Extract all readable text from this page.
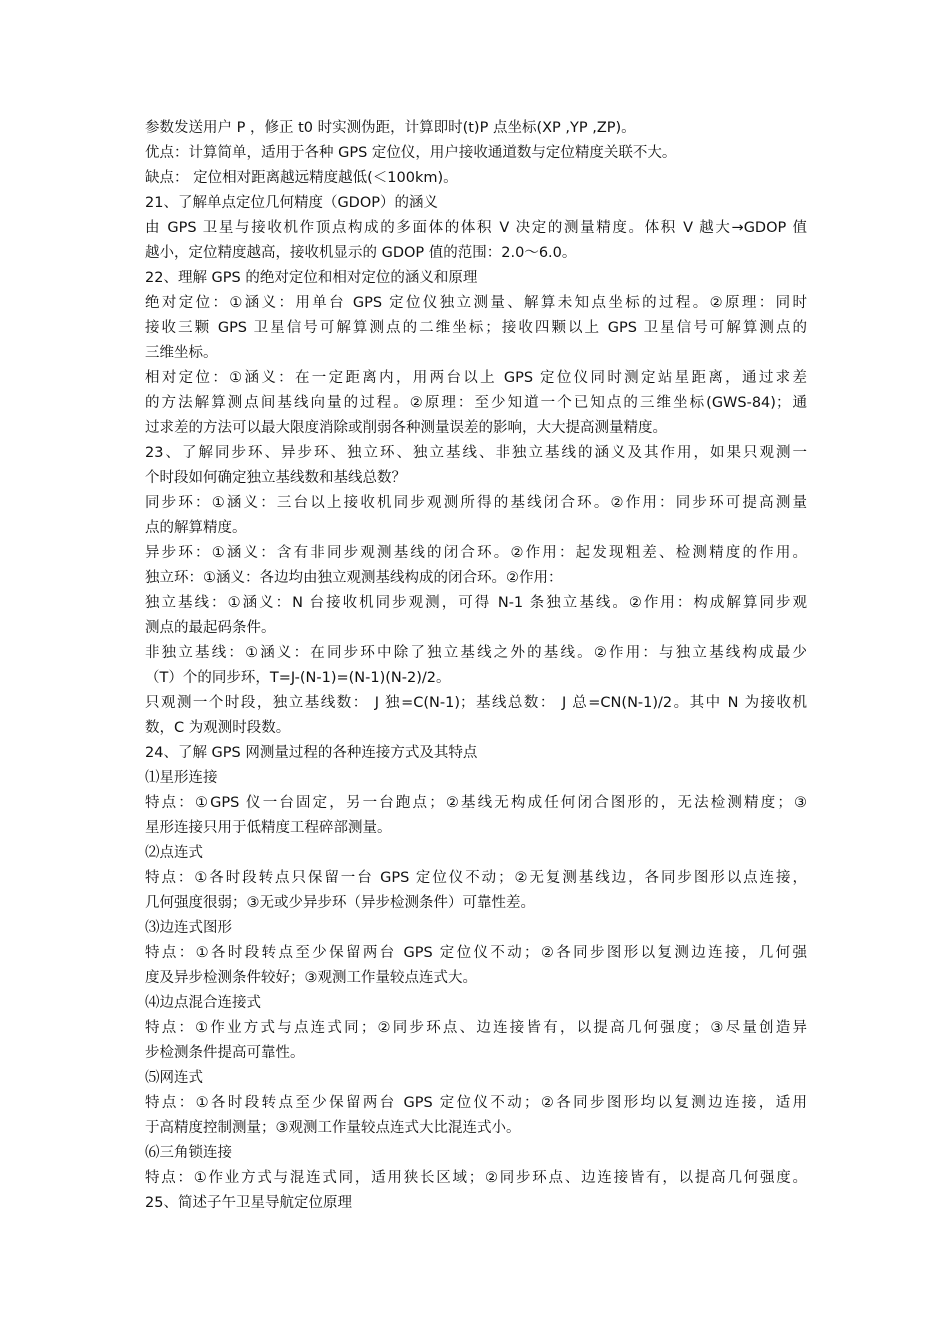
参数发送用户 P ，修正 t0 时实测伪距，计算即时(t)P 点坐标(XP ,YP ,ZP)。
优点：计算简单，适用于各种 GPS 定位仪，用户接收通道数与定位精度关联不大。
缺点： 定位相对距离越远精度越低(＜100km)。
21、了解单点定位几何精度（GDOP）的涵义
由 GPS 卫星与接收机作顶点构成的多面体的体积 V 决定的测量精度。体积 V 越大→GDOP 值
越小，定位精度越高，接收机显示的 GDOP 值的范围：2.0～6.0。
22、理解 GPS 的绝对定位和相对定位的涵义和原理
绝对定位：①涵义：用单台 GPS 定位仪独立测量、解算未知点坐标的过程。②原理：同时
接收三颗 GPS 卫星信号可解算测点的二维坐标；接收四颗以上 GPS 卫星信号可解算测点的
三维坐标。
相对定位：①涵义：在一定距离内，用两台以上 GPS 定位仪同时测定站星距离，通过求差
的方法解算测点间基线向量的过程。②原理：至少知道一个已知点的三维坐标(GWS-84)；通
过求差的方法可以最大限度消除或削弱各种测量误差的影响，大大提高测量精度。
23、了解同步环、异步环、独立环、独立基线、非独立基线的涵义及其作用，如果只观测一
个时段如何确定独立基线数和基线总数？
同步环：①涵义：三台以上接收机同步观测所得的基线闭合环。②作用：同步环可提高测量
点的解算精度。
异步环：①涵义：含有非同步观测基线的闭合环。②作用：起发现粗差、检测精度的作用。
独立环：①涵义：各边均由独立观测基线构成的闭合环。②作用：
独立基线：①涵义：N 台接收机同步观测，可得 N-1 条独立基线。②作用：构成解算同步观
测点的最起码条件。
非独立基线：①涵义：在同步环中除了独立基线之外的基线。②作用：与独立基线构成最少
（T）个的同步环，T=J-(N-1)=(N-1)(N-2)/2。
只观测一个时段，独立基线数： J 独=C(N-1)；基线总数： J 总=CN(N-1)/2。其中 N 为接收机
数，C 为观测时段数。
24、了解 GPS 网测量过程的各种连接方式及其特点
⑴星形连接
特点：①GPS 仪一台固定，另一台跑点；②基线无构成任何闭合图形的，无法检测精度；③
星形连接只用于低精度工程碎部测量。
⑵点连式
特点：①各时段转点只保留一台 GPS 定位仪不动；②无复测基线边，各同步图形以点连接，
几何强度很弱；③无或少异步环（异步检测条件）可靠性差。
⑶边连式图形
特点：①各时段转点至少保留两台 GPS 定位仪不动；②各同步图形以复测边连接，几何强
度及异步检测条件较好；③观测工作量较点连式大。
⑷边点混合连接式
特点：①作业方式与点连式同；②同步环点、边连接皆有，以提高几何强度；③尽量创造异
步检测条件提高可靠性。
⑸网连式
特点：①各时段转点至少保留两台 GPS 定位仪不动；②各同步图形均以复测边连接，适用
于高精度控制测量；③观测工作量较点连式大比混连式小。
⑹三角锁连接
特点：①作业方式与混连式同，适用狭长区域；②同步环点、边连接皆有，以提高几何强度。
25、简述子午卫星导航定位原理
